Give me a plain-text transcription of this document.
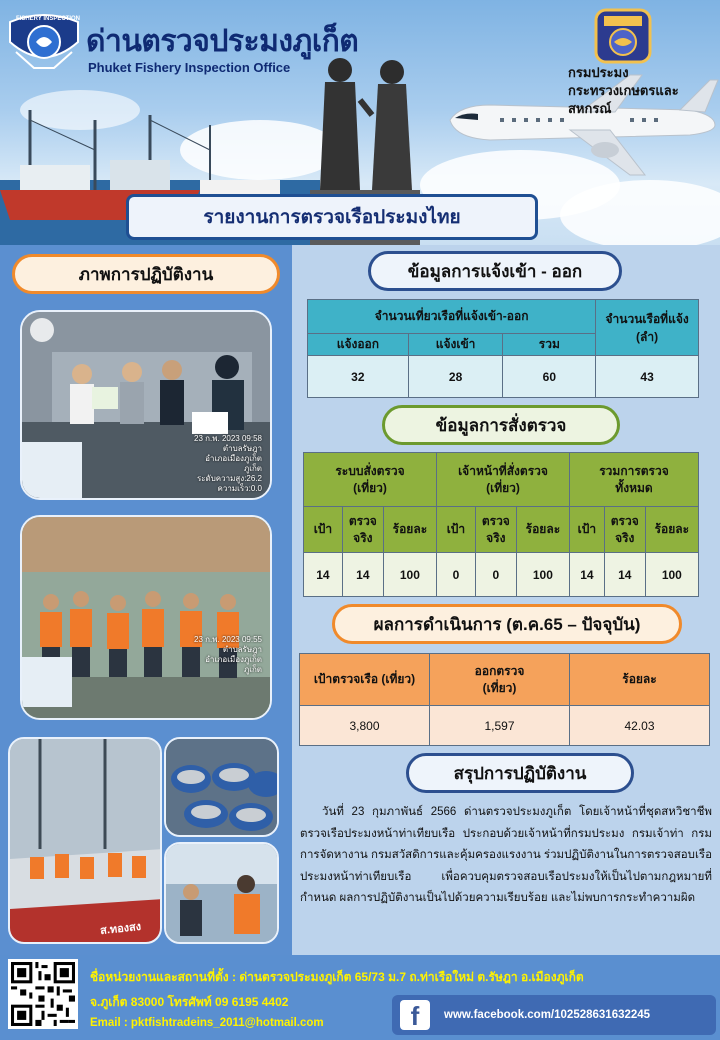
FISHERY INSPECTION
ด่านตรวจประมงภูเก็ต
Phuket Fishery Inspection Office	กรมประมง
กระทรวงเกษตรและสหกรณ์
รายงานการตรวจเรือประมงไทย
ภาพการปฏิบัติงาน
23 ก.พ. 2023 09:58
ตำบลรัษฎา
อำเภอเมืองภูเก็ต
ภูเก็ต
ระดับความสูง:26.2
ความเร็ว:0.0
23 ก.พ. 2023 09:55
ตำบลรัษฎา
อำเภอเมืองภูเก็ต
ภูเก็ต
ส.ทองสง
ข้อมูลการแจ้งเข้า - ออก
จำนวนเที่ยวเรือที่แจ้งเข้า-ออก			จำนวนเรือที่แจ้ง (ลำ)
แจ้งออก	แจ้งเข้า	รวม	
32	28	60	43
ข้อมูลการสั่งตรวจ
ระบบสั่งตรวจ (เที่ยว)			เจ้าหน้าที่สั่งตรวจ (เที่ยว)			รวมการตรวจ ทั้งหมด		
เป้า	ตรวจ จริง	ร้อยละ	เป้า	ตรวจ จริง	ร้อยละ	เป้า	ตรวจ จริง	ร้อยละ
14	14	100	0	0	100	14	14	100
ผลการดำเนินการ (ต.ค.65 – ปัจจุบัน)
เป้าตรวจเรือ (เที่ยว)	ออกตรวจ (เที่ยว)	ร้อยละ
3,800	1,597	42.03
สรุปการปฏิบัติงาน
วันที่ 23 กุมภาพันธ์ 2566 ด่านตรวจประมงภูเก็ต โดยเจ้าหน้าที่ชุดสหวิชาชีพตรวจเรือประมงหน้าท่าเทียบเรือ ประกอบด้วยเจ้าหน้าที่กรมประมง กรมเจ้าท่า กรมการจัดหางาน กรมสวัสดิการและคุ้มครองแรงงาน ร่วมปฏิบัติงานในการตรวจสอบเรือประมงหน้าท่าเทียบเรือ เพื่อควบคุมตรวจสอบเรือประมงให้เป็นไปตามกฎหมายที่กำหนด ผลการปฏิบัติงานเป็นไปด้วยความเรียบร้อย และไม่พบการกระทำความผิด
ชื่อหน่วยงานและสถานที่ตั้ง : ด่านตรวจประมงภูเก็ต 65/73 ม.7 ถ.ท่าเรือใหม่ ต.รัษฎา อ.เมืองภูเก็ต
จ.ภูเก็ต 83000 โทรศัพท์ 09 6195 4402
Email : pktfishtradeins_2011@hotmail.com	f	www.facebook.com/102528631632245
